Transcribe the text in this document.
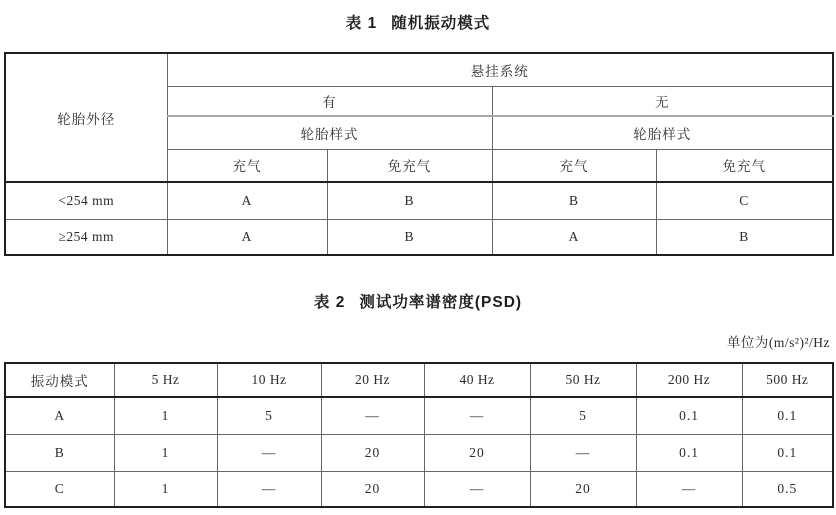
表 1 随机振动模式
轮胎外径	悬挂系统			
	有		无	
	轮胎样式		轮胎样式	
	充气	免充气	充气	免充气
<254 mm	A	B	B	C
≥254 mm	A	B	A	B
表 2 测试功率谱密度(PSD)
单位为(m/s²)²/Hz
振动模式	5 Hz	10 Hz	20 Hz	40 Hz	50 Hz	200 Hz	500 Hz
A	1	5	—	—	5	0.1	0.1
B	1	—	20	20	—	0.1	0.1
C	1	—	20	—	20	—	0.5
